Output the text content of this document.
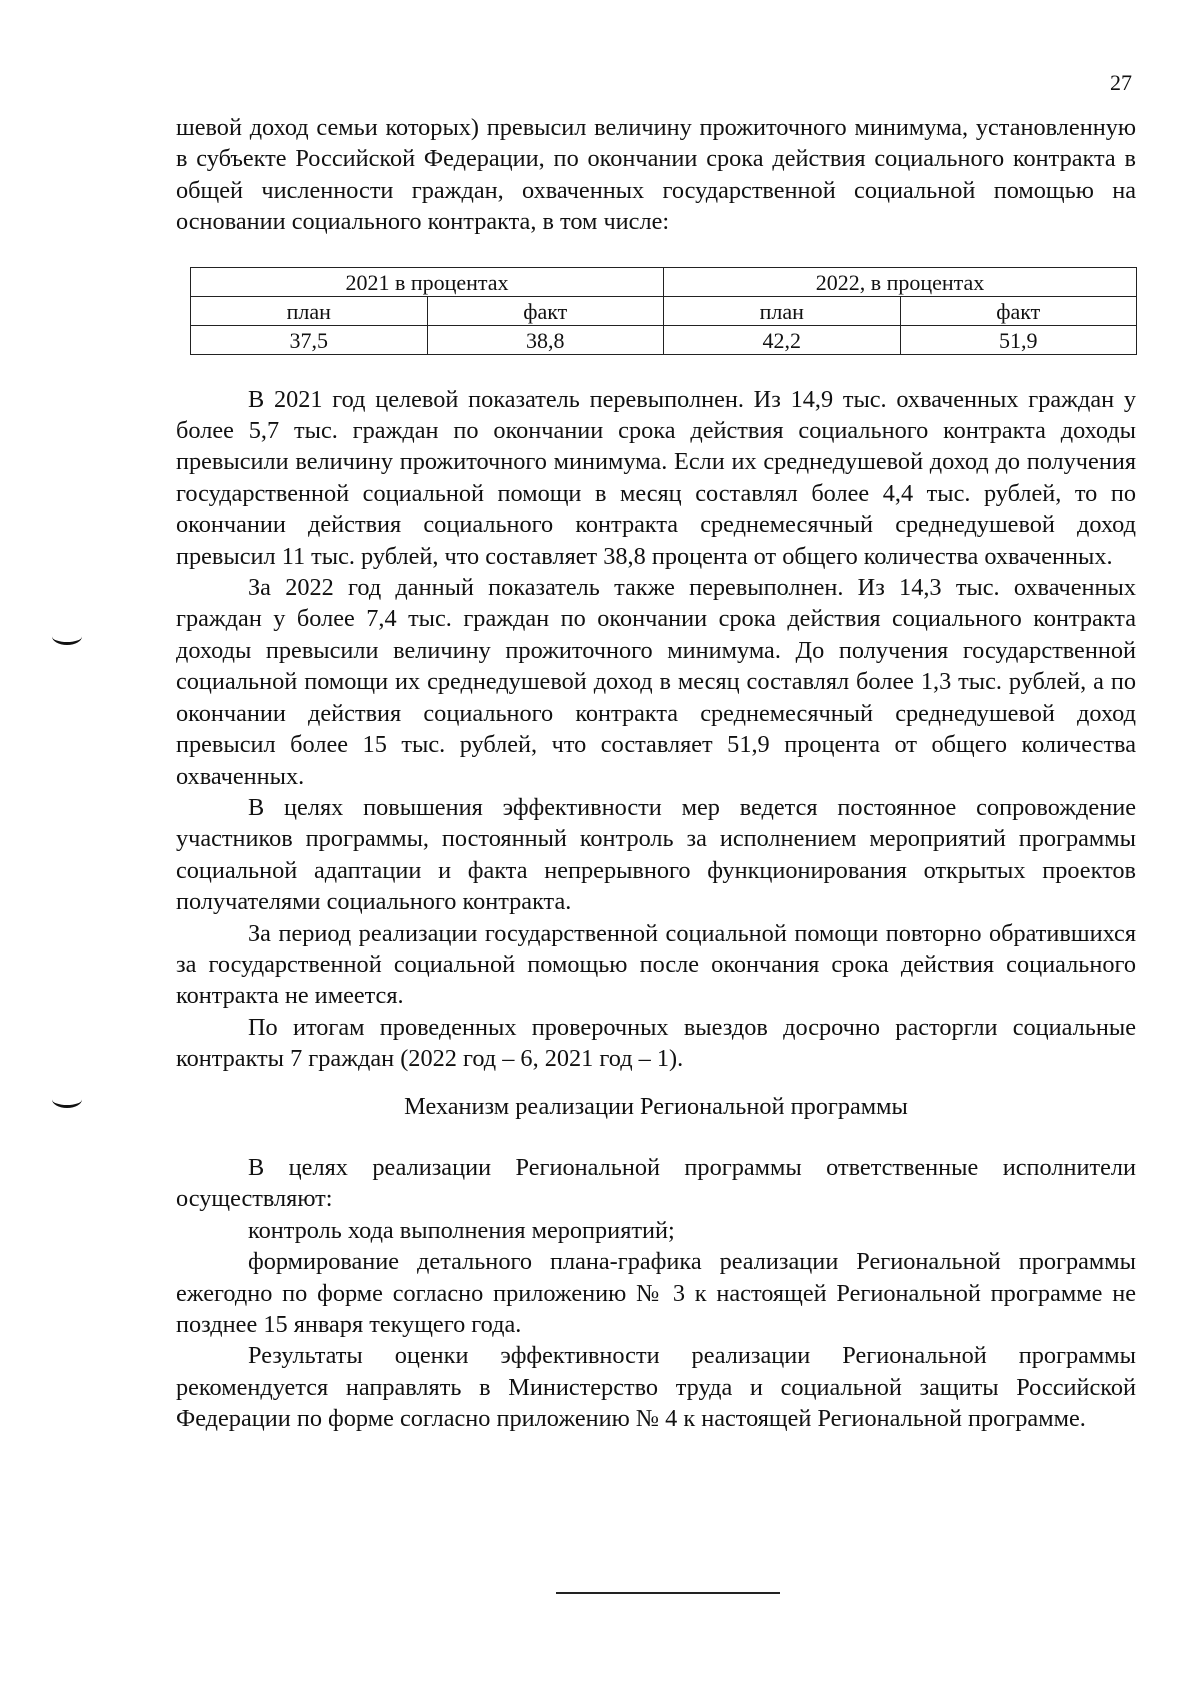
27

шевой доход семьи которых) превысил величину прожиточного минимума, установленную в субъекте Российской Федерации, по окончании срока действия социального контракта в общей численности граждан, охваченных государственной социальной помощью на основании социального контракта, в том числе:

2021 в процентах		2022, в процентах	
план	факт	план	факт
37,5	38,8	42,2	51,9

В 2021 год целевой показатель перевыполнен. Из 14,9 тыс. охваченных граждан у более 5,7 тыс. граждан по окончании срока действия социального контракта доходы превысили величину прожиточного минимума. Если их среднедушевой доход до получения государственной социальной помощи в месяц составлял более 4,4 тыс. рублей, то по окончании действия социального контракта среднемесячный среднедушевой доход превысил 11 тыс. рублей, что составляет 38,8 процента от общего количества охваченных.

За 2022 год данный показатель также перевыполнен. Из 14,3 тыс. охваченных граждан у более 7,4 тыс. граждан по окончании срока действия социального контракта доходы превысили величину прожиточного минимума. До получения государственной социальной помощи их среднедушевой доход в месяц составлял более 1,3 тыс. рублей, а по окончании действия социального контракта среднемесячный среднедушевой доход превысил более 15 тыс. рублей, что составляет 51,9 процента от общего количества охваченных.

В целях повышения эффективности мер ведется постоянное сопровождение участников программы, постоянный контроль за исполнением мероприятий программы социальной адаптации и факта непрерывного функционирования открытых проектов получателями социального контракта.

За период реализации государственной социальной помощи повторно обратившихся за государственной социальной помощью после окончания срока действия социального контракта не имеется.

По итогам проведенных проверочных выездов досрочно расторгли социальные контракты 7 граждан (2022 год – 6, 2021 год – 1).

Механизм реализации Региональной программы

В целях реализации Региональной программы ответственные исполнители осуществляют:

контроль хода выполнения мероприятий;

формирование детального плана-графика реализации Региональной программы ежегодно по форме согласно приложению № 3 к настоящей Региональной программе не позднее 15 января текущего года.

Результаты оценки эффективности реализации Региональной программы рекомендуется направлять в Министерство труда и социальной защиты Российской Федерации по форме согласно приложению № 4 к настоящей Региональной программе.
